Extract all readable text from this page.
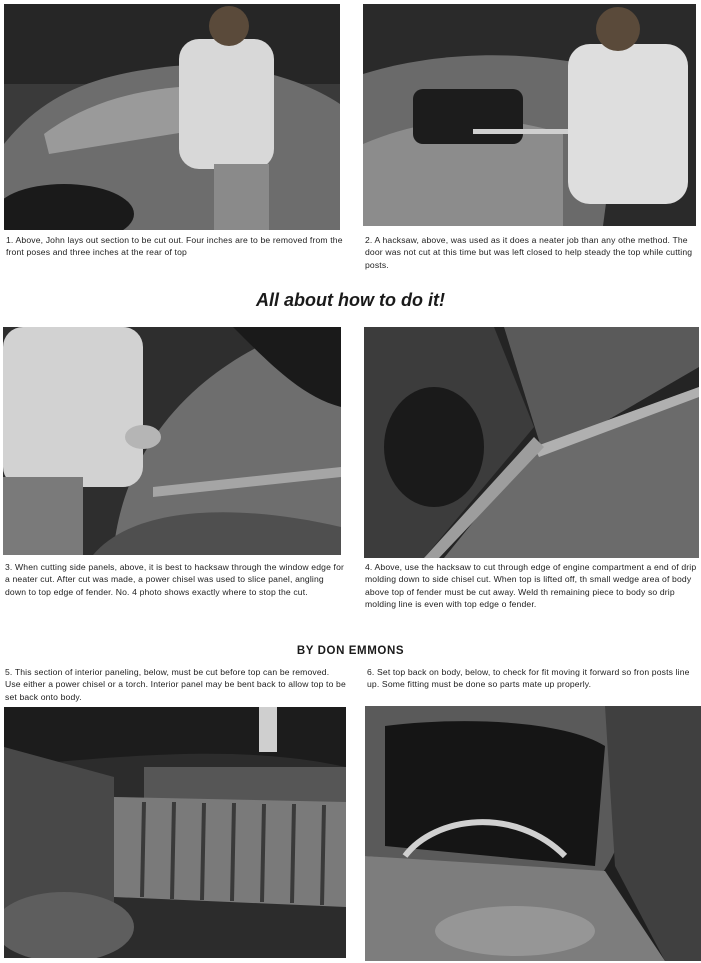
1. Above, John lays out section to be cut out. Four inches are to be removed from the front poses and three inches at the rear of top

2. A hacksaw, above, was used as it does a neater job than any othe method. The door was not cut at this time but was left closed to help steady the top while cutting posts.

All about how to do it!

3. When cutting side panels, above, it is best to hacksaw through the window edge for a neater cut. After cut was made, a power chisel was used to slice panel, angling down to top edge of fender. No. 4 photo shows exactly where to stop the cut.

4. Above, use the hacksaw to cut through edge of engine compartment a end of drip molding down to side chisel cut. When top is lifted off, th small wedge area of body above top of fender must be cut away. Weld th remaining piece to body so drip molding line is even with top edge o fender.

BY DON EMMONS

5. This section of interior paneling, below, must be cut before top can be removed. Use either a power chisel or a torch. Interior panel may be bent back to allow top to be set back onto body.

6. Set top back on body, below, to check for fit moving it forward so fron posts line up. Some fitting must be done so parts mate up properly.
